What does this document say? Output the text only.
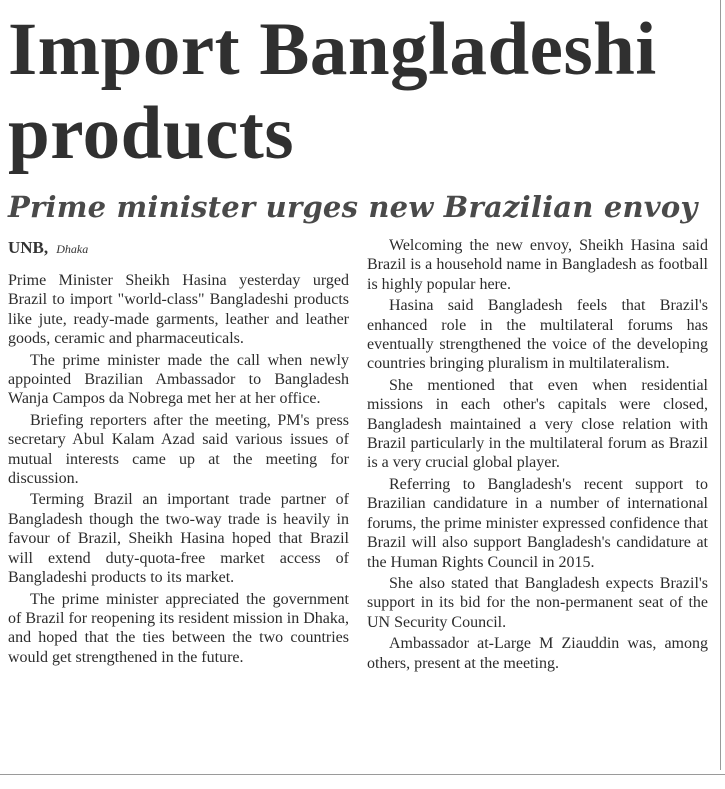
Import Bangladeshi products
Prime minister urges new Brazilian envoy
UNB, Dhaka

Prime Minister Sheikh Hasina yesterday urged Brazil to import "world-class" Bangladeshi products like jute, ready-made garments, leather and leather goods, ceramic and pharmaceuticals.

The prime minister made the call when newly appointed Brazilian Ambassador to Bangladesh Wanja Campos da Nobrega met her at her office.

Briefing reporters after the meeting, PM's press secretary Abul Kalam Azad said various issues of mutual interests came up at the meeting for discussion.

Terming Brazil an important trade partner of Bangladesh though the two-way trade is heavily in favour of Brazil, Sheikh Hasina hoped that Brazil will extend duty-quota-free market access of Bangladeshi products to its market.

The prime minister appreciated the government of Brazil for reopening its resident mission in Dhaka, and hoped that the ties between the two countries would get strengthened in the future.

Welcoming the new envoy, Sheikh Hasina said Brazil is a household name in Bangladesh as football is highly popular here.

Hasina said Bangladesh feels that Brazil's enhanced role in the multilateral forums has eventually strengthened the voice of the developing countries bringing pluralism in multilateralism.

She mentioned that even when residential missions in each other's capitals were closed, Bangladesh maintained a very close relation with Brazil particularly in the multilateral forum as Brazil is a very crucial global player.

Referring to Bangladesh's recent support to Brazilian candidature in a number of international forums, the prime minister expressed confidence that Brazil will also support Bangladesh's candidature at the Human Rights Council in 2015.

She also stated that Bangladesh expects Brazil's support in its bid for the non-permanent seat of the UN Security Council.

Ambassador at-Large M Ziauddin was, among others, present at the meeting.
